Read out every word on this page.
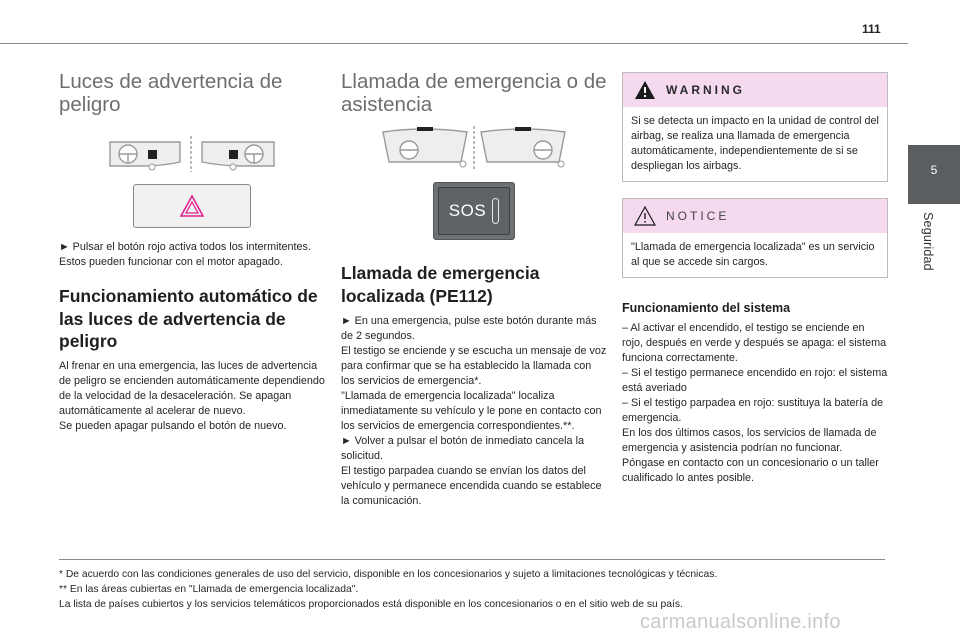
111
5
Seguridad
Luces de advertencia de peligro
► Pulsar el botón rojo activa todos los intermitentes. Estos pueden funcionar con el motor apagado.
Funcionamiento automático de las luces de advertencia de peligro

Al frenar en una emergencia, las luces de advertencia de peligro se encienden automáticamente dependiendo de la velocidad de la desaceleración. Se apagan automáticamente al acelerar de nuevo.

Se pueden apagar pulsando el botón de nuevo.

Llamada de emergencia o de asistencia
SOS
Llamada de emergencia localizada (PE112)

► En una emergencia, pulse este botón durante más de 2 segundos.

El testigo se enciende y se escucha un mensaje de voz para confirmar que se ha establecido la llamada con los servicios de emergencia*.

"Llamada de emergencia localizada" localiza inmediatamente su vehículo y le pone en contacto con los servicios de emergencia correspondientes.**.

► Volver a pulsar el botón de inmediato cancela la solicitud.

El testigo parpadea cuando se envían los datos del vehículo y permanece encendida cuando se establece la comunicación.

WARNING
Si se detecta un impacto en la unidad de control del airbag, se realiza una llamada de emergencia automáticamente, independientemente de si se despliegan los airbags.
NOTICE
"Llamada de emergencia localizada" es un servicio al que se accede sin cargos.
Funcionamiento del sistema

– Al activar el encendido, el testigo se enciende en rojo, después en verde y después se apaga: el sistema funciona correctamente.

– Si el testigo permanece encendido en rojo: el sistema está averiado

– Si el testigo parpadea en rojo: sustituya la batería de emergencia.

En los dos últimos casos, los servicios de llamada de emergencia y asistencia podrían no funcionar.

Póngase en contacto con un concesionario o un taller cualificado lo antes posible.

* De acuerdo con las condiciones generales de uso del servicio, disponible en los concesionarios y sujeto a limitaciones tecnológicas y técnicas.
** En las áreas cubiertas en "Llamada de emergencia localizada".
La lista de países cubiertos y los servicios telemáticos proporcionados está disponible en los concesionarios o en el sitio web de su país.
carmanualsonline.info
